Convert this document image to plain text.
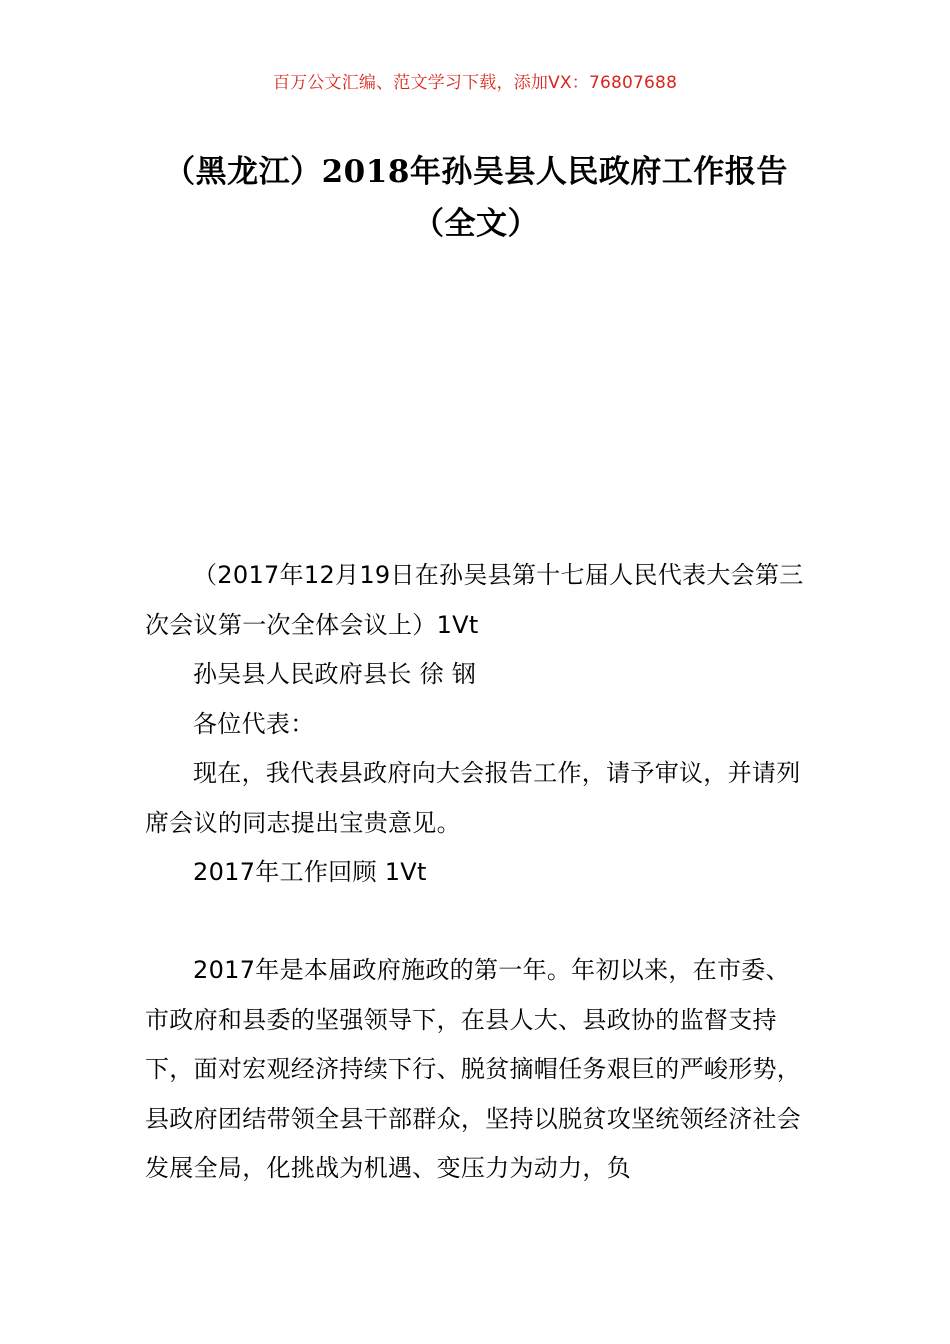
百万公文汇编、范文学习下载，添加VX：76807688
（黑龙江）2018年孙吴县人民政府工作报告（全文）

（2017年12月19日在孙吴县第十七届人民代表大会第三次会议第一次全体会议上）1Vt

孙吴县人民政府县长 徐 钢

各位代表：

现在，我代表县政府向大会报告工作，请予审议，并请列席会议的同志提出宝贵意见。

2017年工作回顾 1Vt

2017年是本届政府施政的第一年。年初以来，在市委、市政府和县委的坚强领导下，在县人大、县政协的监督支持下，面对宏观经济持续下行、脱贫摘帽任务艰巨的严峻形势，县政府团结带领全县干部群众，坚持以脱贫攻坚统领经济社会发展全局，化挑战为机遇、变压力为动力，负
